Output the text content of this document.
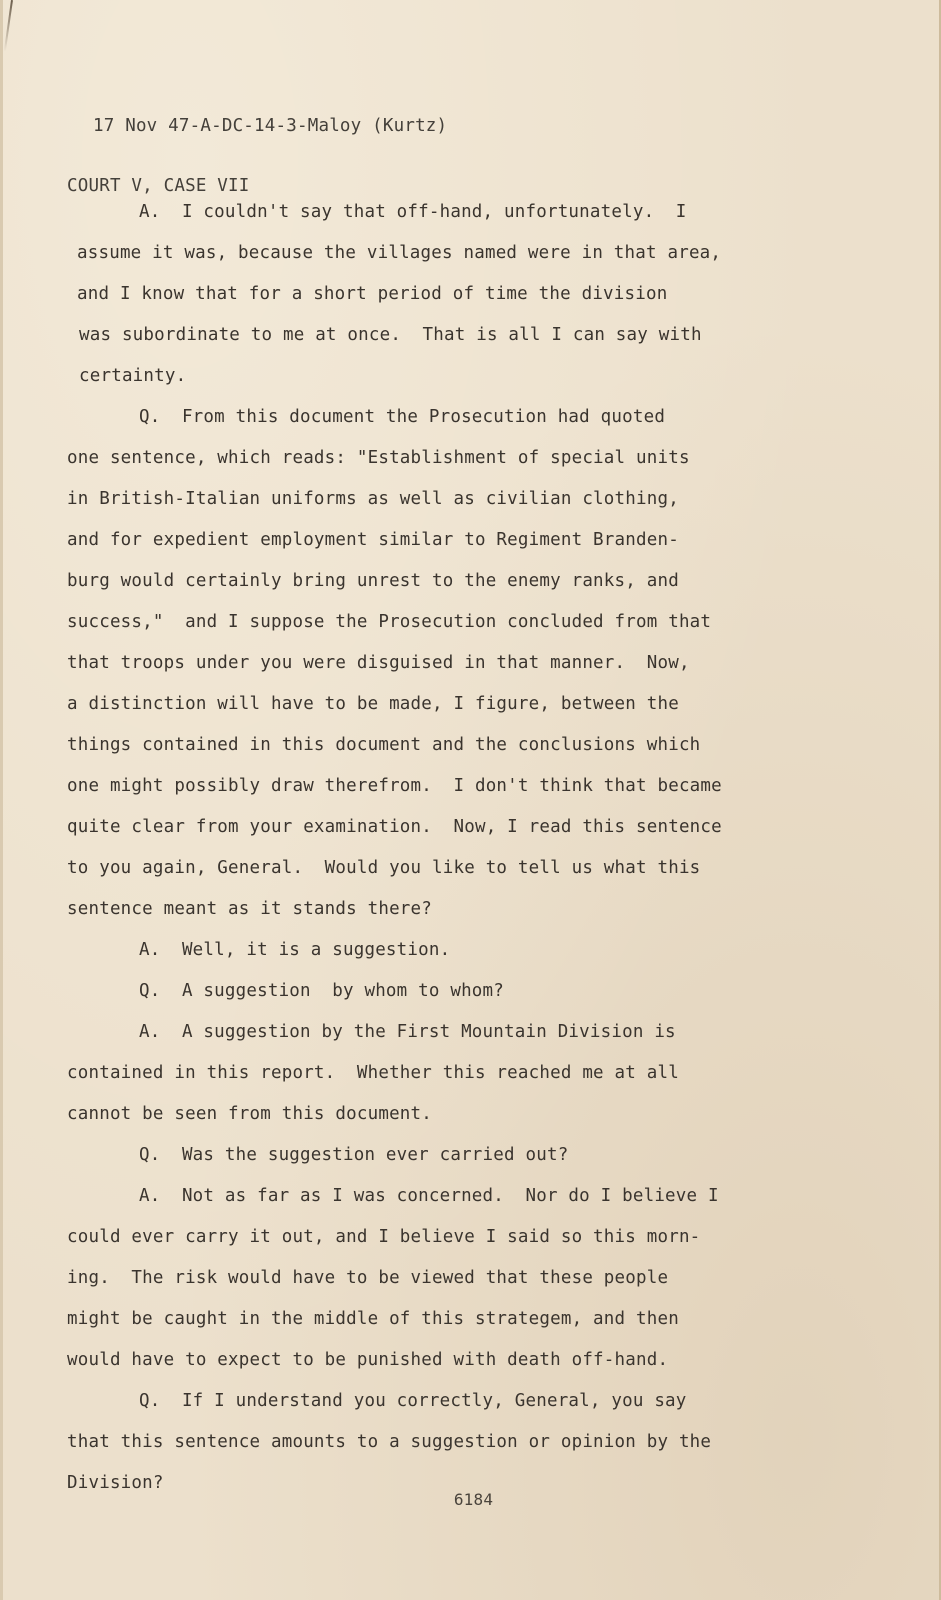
17 Nov 47-A-DC-14-3-Maloy (Kurtz)

COURT V, CASE VII

A.  I couldn't say that off-hand, unfortunately.  I
assume it was, because the villages named were in that area,
and I know that for a short period of time the division
was subordinate to me at once.  That is all I can say with
certainty.
Q.  From this document the Prosecution had quoted
one sentence, which reads: "Establishment of special units
in British-Italian uniforms as well as civilian clothing,
and for expedient employment similar to Regiment Branden-
burg would certainly bring unrest to the enemy ranks, and
success,"  and I suppose the Prosecution concluded from that
that troops under you were disguised in that manner.  Now,
a distinction will have to be made, I figure, between the
things contained in this document and the conclusions which
one might possibly draw therefrom.  I don't think that became
quite clear from your examination.  Now, I read this sentence
to you again, General.  Would you like to tell us what this
sentence meant as it stands there?
A.  Well, it is a suggestion.
Q.  A suggestion  by whom to whom?
A.  A suggestion by the First Mountain Division is
contained in this report.  Whether this reached me at all
cannot be seen from this document.
Q.  Was the suggestion ever carried out?
A.  Not as far as I was concerned.  Nor do I believe I
could ever carry it out, and I believe I said so this morn-
ing.  The risk would have to be viewed that these people
might be caught in the middle of this strategem, and then
would have to expect to be punished with death off-hand.
Q.  If I understand you correctly, General, you say
that this sentence amounts to a suggestion or opinion by the
Division?
6184
